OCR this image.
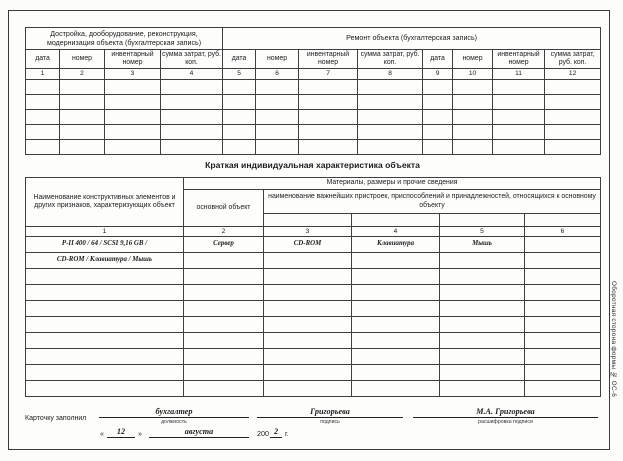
Достройка, дооборудование, реконструкция, модернизация объекта (бухгалтерская запись)				Ремонт объекта (бухгалтерская запись)							
дата	номер	инвентарный номер	сумма затрат, руб. коп.	дата	номер	инвентарный номер	сумма затрат, руб. коп.	дата	номер	инвентарный номер	сумма затрат, руб. коп.
1	2	3	4	5	6	7	8	9	10	11	12

Краткая индивидуальная характеристика объекта
Наименование конструктивных элементов и других признаков, характеризующих объект	Материалы, размеры и прочие сведения				
	основной объект	наименование важнейших пристроек, приспособлений и принадлежностей, относящихся к основному объекту			

1	2	3	4	5	6
Р-II 400 / 64 / SCSI 9,16 GB /	Сервер	CD-ROM	Клавиатура	Мышь	
CD-ROM / Клавиатура / Мышь					

Карточку заполнил
бухгалтер
должность
Григорьева
подпись
М.А. Григорьева
расшифровка подписи
«	12	»	августа	200 2 г.
Оборотная сторона формы № ОС-6
